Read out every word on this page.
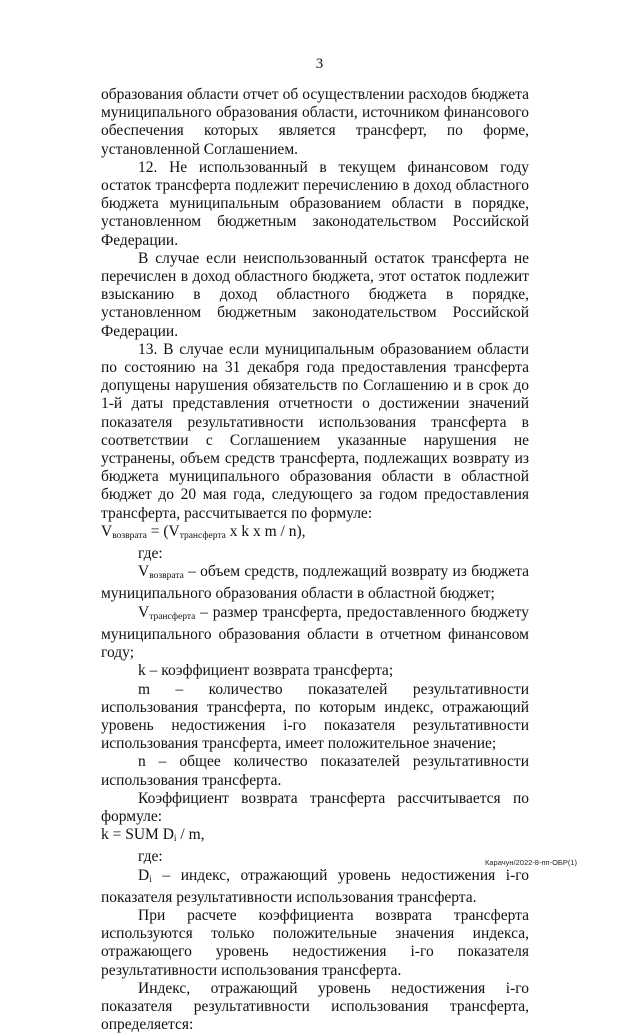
3

образования области отчет об осуществлении расходов бюджета муниципального образования области, источником финансового обеспечения которых является трансферт, по форме, установленной Соглашением.

12. Не использованный в текущем финансовом году остаток трансферта подлежит перечислению в доход областного бюджета муниципальным образованием области в порядке, установленном бюджетным законодательством Российской Федерации.

В случае если неиспользованный остаток трансферта не перечислен в доход областного бюджета, этот остаток подлежит взысканию в доход областного бюджета в порядке, установленном бюджетным законодательством Российской Федерации.

13. В случае если муниципальным образованием области по состоянию на 31 декабря года предоставления трансферта допущены нарушения обязательств по Соглашению и в срок до 1-й даты представления отчетности о достижении значений показателя результативности использования трансферта в соответствии с Соглашением указанные нарушения не устранены, объем средств трансферта, подлежащих возврату из бюджета муниципального образования области в областной бюджет до 20 мая года, следующего за годом предоставления трансферта, рассчитывается по формуле:

$V_{возврата} = (V_{трансферта}$ x k x m / n),

где:

$V_{возврата}$ – объем средств, подлежащий возврату из бюджета муниципального образования области в областной бюджет;

$V_{трансферта}$ – размер трансферта, предоставленного бюджету муниципального образования области в отчетном финансовом году;

k – коэффициент возврата трансферта;

m – количество показателей результативности использования трансферта, по которым индекс, отражающий уровень недостижения i-го показателя результативности использования трансферта, имеет положительное значение;

n – общее количество показателей результативности использования трансферта.

Коэффициент возврата трансферта рассчитывается по формуле:

k = SUM $D_i$ / m,

где:

$D_i$ – индекс, отражающий уровень недостижения i-го показателя результативности использования трансферта.

При расчете коэффициента возврата трансферта используются только положительные значения индекса, отражающего уровень недостижения i-го показателя результативности использования трансферта.

Индекс, отражающий уровень недостижения i-го показателя результативности использования трансферта, определяется:

Карачун/2022-8-пп-ОБР(1)
